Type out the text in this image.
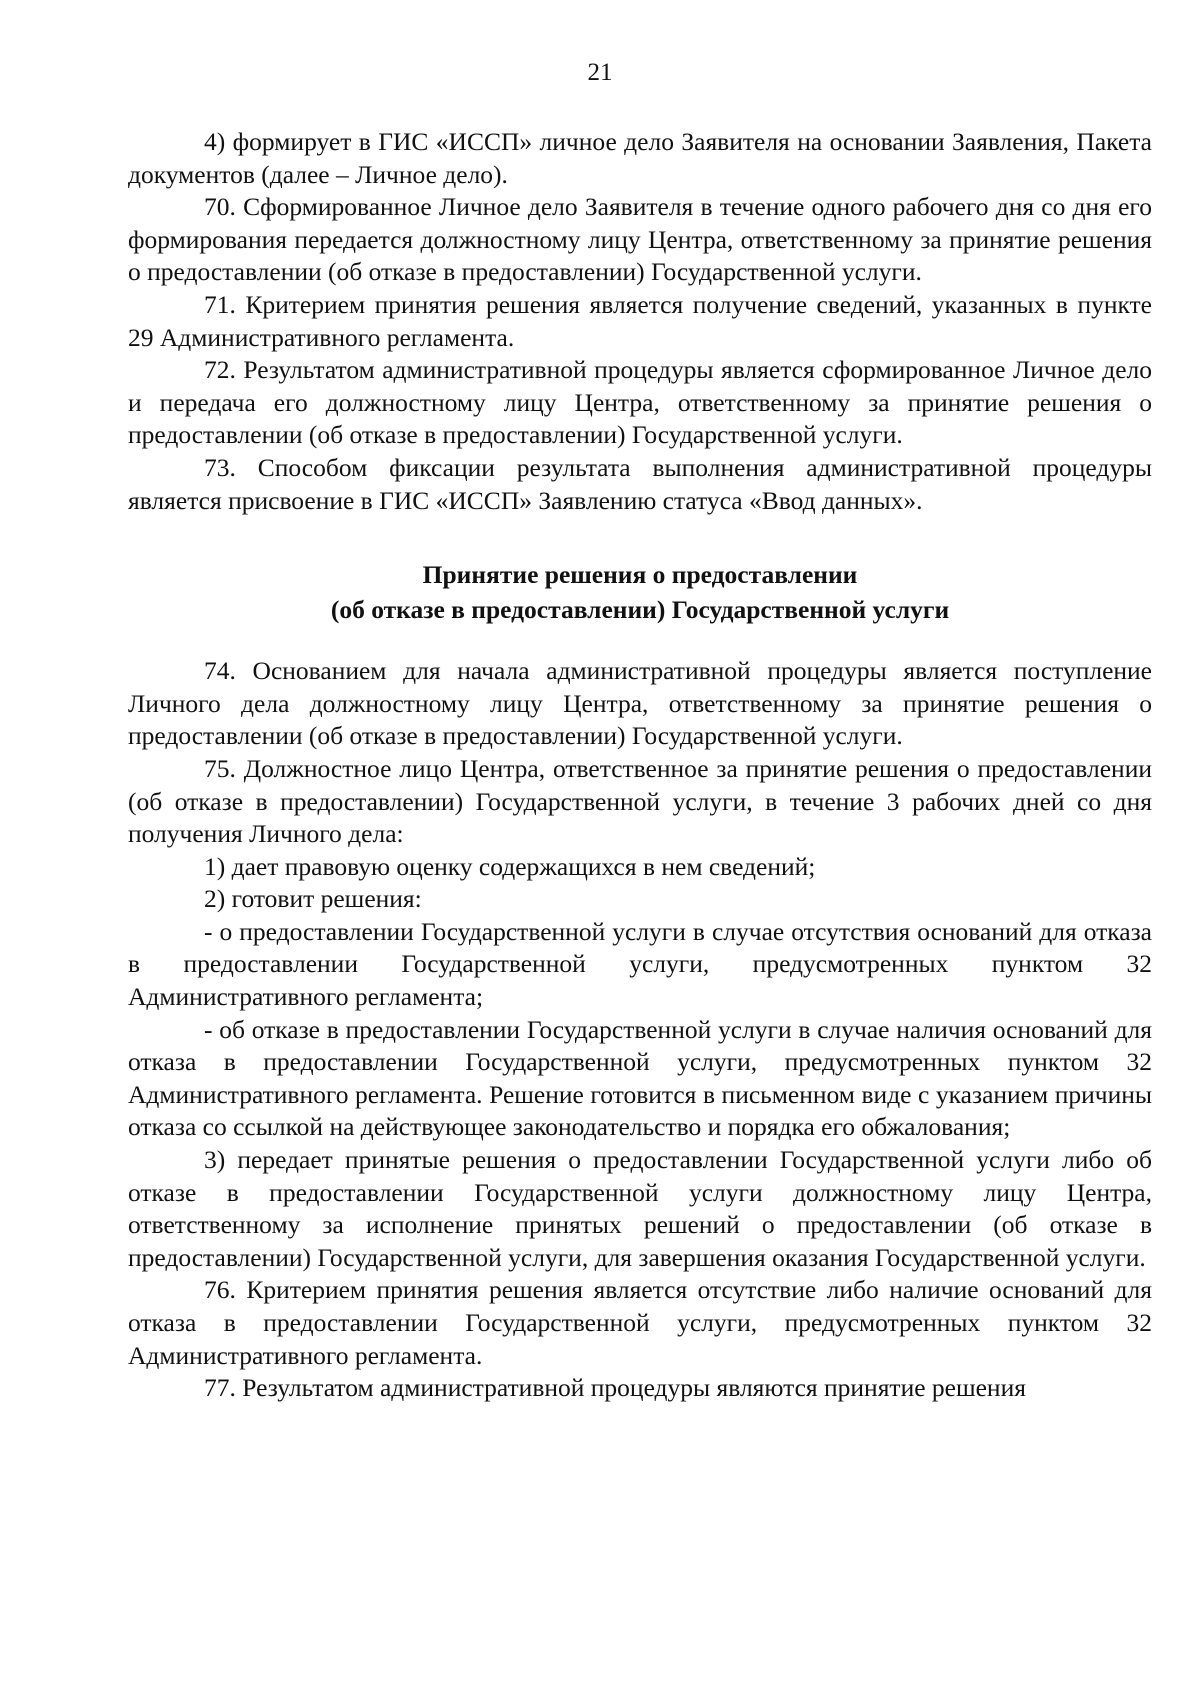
21

4) формирует в ГИС «ИССП» личное дело Заявителя на основании Заявления, Пакета документов (далее – Личное дело).

70. Сформированное Личное дело Заявителя в течение одного рабочего дня со дня его формирования передается должностному лицу Центра, ответственному за принятие решения о предоставлении (об отказе в предоставлении) Государственной услуги.

71. Критерием принятия решения является получение сведений, указанных в пункте 29 Административного регламента.

72. Результатом административной процедуры является сформированное Личное дело и передача его должностному лицу Центра, ответственному за принятие решения о предоставлении (об отказе в предоставлении) Государственной услуги.

73. Способом фиксации результата выполнения административной процедуры является присвоение в ГИС «ИССП» Заявлению статуса «Ввод данных».

Принятие решения о предоставлении
(об отказе в предоставлении) Государственной услуги

74. Основанием для начала административной процедуры является поступление Личного дела должностному лицу Центра, ответственному за принятие решения о предоставлении (об отказе в предоставлении) Государственной услуги.

75. Должностное лицо Центра, ответственное за принятие решения о предоставлении (об отказе в предоставлении) Государственной услуги, в течение 3 рабочих дней со дня получения Личного дела:

1) дает правовую оценку содержащихся в нем сведений;

2) готовит решения:

- о предоставлении Государственной услуги в случае отсутствия оснований для отказа в предоставлении Государственной услуги, предусмотренных пунктом 32 Административного регламента;

- об отказе в предоставлении Государственной услуги в случае наличия оснований для отказа в предоставлении Государственной услуги, предусмотренных пунктом 32 Административного регламента. Решение готовится в письменном виде с указанием причины отказа со ссылкой на действующее законодательство и порядка его обжалования;

3) передает принятые решения о предоставлении Государственной услуги либо об отказе в предоставлении Государственной услуги должностному лицу Центра, ответственному за исполнение принятых решений о предоставлении (об отказе в предоставлении) Государственной услуги, для завершения оказания Государственной услуги.

76. Критерием принятия решения является отсутствие либо наличие оснований для отказа в предоставлении Государственной услуги, предусмотренных пунктом 32 Административного регламента.

77. Результатом административной процедуры являются принятие решения
